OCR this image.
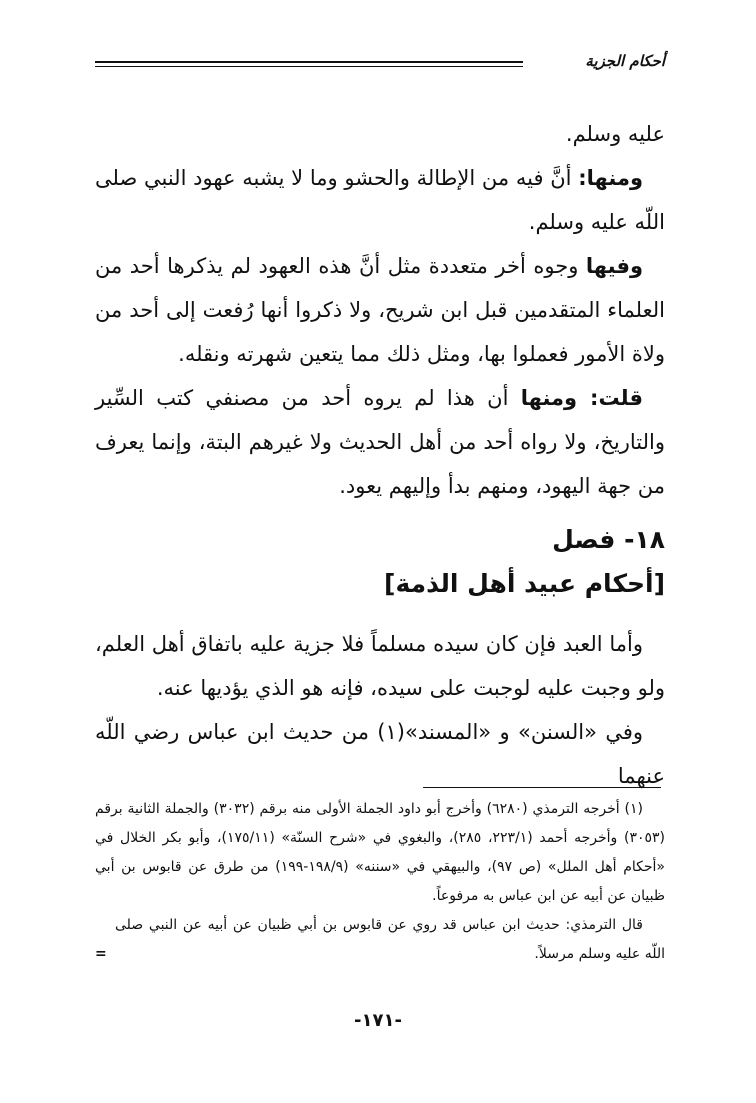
أحكام الجزية

عليه وسلم.

ومنها: أنَّ فيه من الإطالة والحشو وما لا يشبه عهود النبي صلى اللّه عليه وسلم.

وفيها وجوه أخر متعددة مثل أنَّ هذه العهود لم يذكرها أحد من العلماء المتقدمين قبل ابن شريح، ولا ذكروا أنها رُفعت إلى أحد من ولاة الأمور فعملوا بها، ومثل ذلك مما يتعين شهرته ونقله.

قلت: ومنها أن هذا لم يروه أحد من مصنفي كتب السِّير والتاريخ، ولا رواه أحد من أهل الحديث ولا غيرهم البتة، وإنما يعرف من جهة اليهود، ومنهم بدأ وإليهم يعود.

١٨- فصل
[أحكام عبيد أهل الذمة]

وأما العبد فإن كان سيده مسلماً فلا جزية عليه باتفاق أهل العلم، ولو وجبت عليه لوجبت على سيده، فإنه هو الذي يؤديها عنه.

وفي «السنن» و «المسند»(١) من حديث ابن عباس رضي اللّه عنهما

(١) أخرجه الترمذي (٦٢٨٠) وأخرج أبو داود الجملة الأولى منه برقم (٣٠٣٢) والجملة الثانية برقم (٣٠٥٣) وأخرجه أحمد (٢٢٣/١، ٢٨٥)، والبغوي في «شرح السنّة» (١٧٥/١١)، وأبو بكر الخلال في «أحكام أهل الملل» (ص ٩٧)، والبيهقي في «سننه» (١٩٨/٩-١٩٩) من طرق عن قابوس بن أبي ظبيان عن أبيه عن ابن عباس به مرفوعاً.

قال الترمذي: حديث ابن عباس قد روي عن قابوس بن أبي ظبيان عن أبيه عن النبي صلى اللّه عليه وسلم مرسلاً.
=

-١٧١-
